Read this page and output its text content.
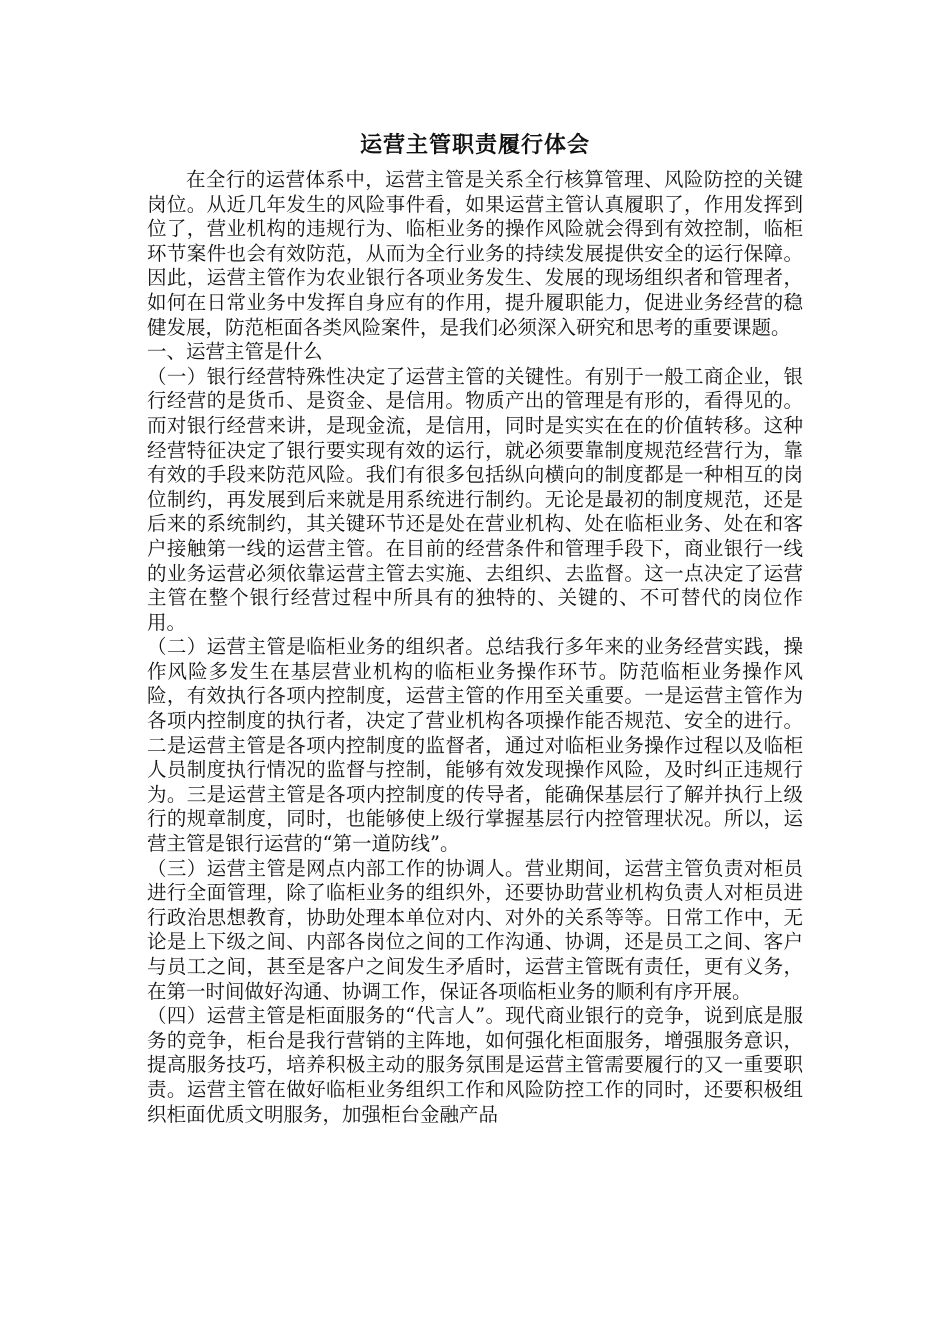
运营主管职责履行体会

在全行的运营体系中，运营主管是关系全行核算管理、风险防控的关键岗位。从近几年发生的风险事件看，如果运营主管认真履职了，作用发挥到位了，营业机构的违规行为、临柜业务的操作风险就会得到有效控制，临柜环节案件也会有效防范，从而为全行业务的持续发展提供安全的运行保障。因此，运营主管作为农业银行各项业务发生、发展的现场组织者和管理者，如何在日常业务中发挥自身应有的作用，提升履职能力，促进业务经营的稳健发展，防范柜面各类风险案件，是我们必须深入研究和思考的重要课题。

一、运营主管是什么

（一）银行经营特殊性决定了运营主管的关键性。有别于一般工商企业，银行经营的是货币、是资金、是信用。物质产出的管理是有形的，看得见的。而对银行经营来讲，是现金流，是信用，同时是实实在在的价值转移。这种经营特征决定了银行要实现有效的运行，就必须要靠制度规范经营行为，靠有效的手段来防范风险。我们有很多包括纵向横向的制度都是一种相互的岗位制约，再发展到后来就是用系统进行制约。无论是最初的制度规范，还是后来的系统制约，其关键环节还是处在营业机构、处在临柜业务、处在和客户接触第一线的运营主管。在目前的经营条件和管理手段下，商业银行一线的业务运营必须依靠运营主管去实施、去组织、去监督。这一点决定了运营主管在整个银行经营过程中所具有的独特的、关键的、不可替代的岗位作用。

（二）运营主管是临柜业务的组织者。总结我行多年来的业务经营实践，操作风险多发生在基层营业机构的临柜业务操作环节。防范临柜业务操作风险，有效执行各项内控制度，运营主管的作用至关重要。一是运营主管作为各项内控制度的执行者，决定了营业机构各项操作能否规范、安全的进行。二是运营主管是各项内控制度的监督者，通过对临柜业务操作过程以及临柜人员制度执行情况的监督与控制，能够有效发现操作风险，及时纠正违规行为。三是运营主管是各项内控制度的传导者，能确保基层行了解并执行上级行的规章制度，同时，也能够使上级行掌握基层行内控管理状况。所以，运营主管是银行运营的“第一道防线”。

（三）运营主管是网点内部工作的协调人。营业期间，运营主管负责对柜员进行全面管理，除了临柜业务的组织外，还要协助营业机构负责人对柜员进行政治思想教育，协助处理本单位对内、对外的关系等等。日常工作中，无论是上下级之间、内部各岗位之间的工作沟通、协调，还是员工之间、客户与员工之间，甚至是客户之间发生矛盾时，运营主管既有责任，更有义务，在第一时间做好沟通、协调工作，保证各项临柜业务的顺利有序开展。

（四）运营主管是柜面服务的“代言人”。现代商业银行的竞争，说到底是服务的竞争，柜台是我行营销的主阵地，如何强化柜面服务，增强服务意识，提高服务技巧，培养积极主动的服务氛围是运营主管需要履行的又一重要职责。运营主管在做好临柜业务组织工作和风险防控工作的同时，还要积极组织柜面优质文明服务，加强柜台金融产品
